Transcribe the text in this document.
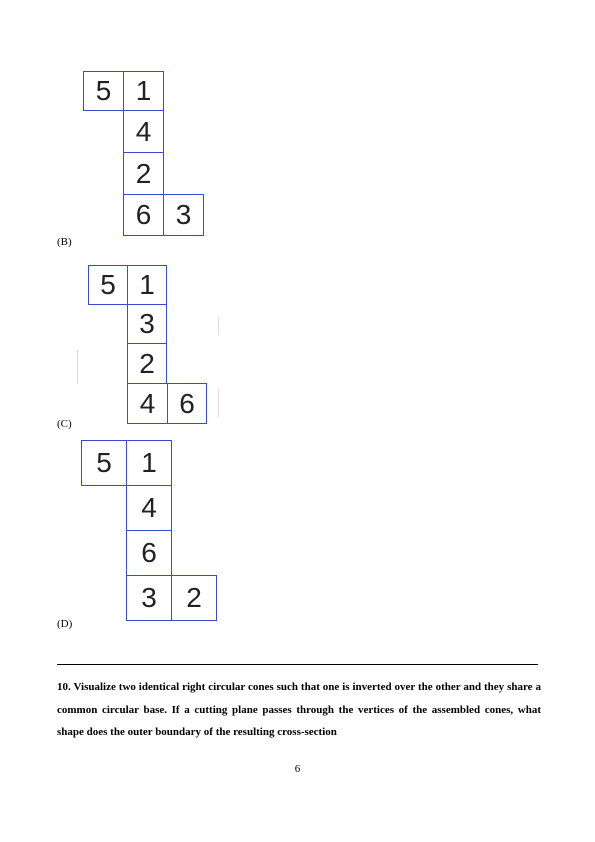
5 1
4
2
6 3
(B)
5 1
3
2
4 6
(C)
5	1
4
6
3	2
(D)
10. Visualize two identical right circular cones such that one is inverted over the other and they share a common circular base. If a cutting plane passes through the vertices of the assembled cones, what shape does the outer boundary of the resulting cross-section
6
